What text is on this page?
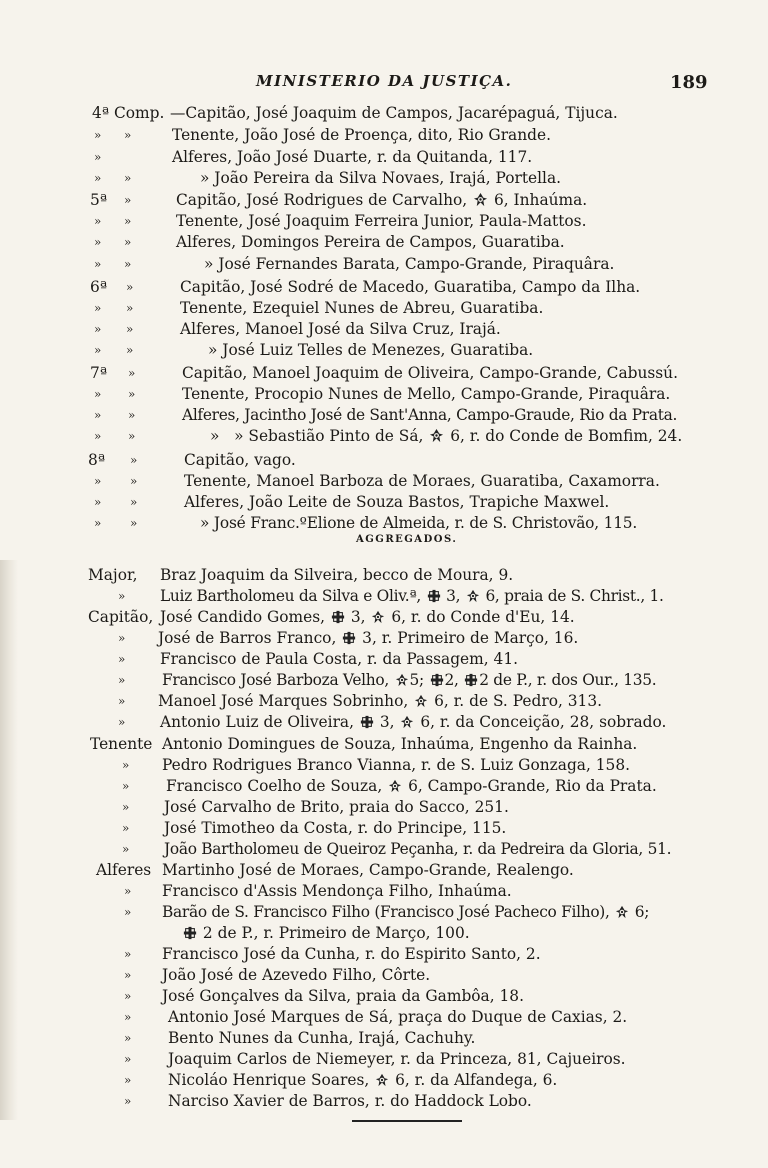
MINISTERIO DA JUSTIÇA.	189
4ª Comp. —Capitão, José Joaquim de Campos, Jacarépaguá, Tijuca.
» »	Tenente, João José de Proença, dito, Rio Grande.
»	Alferes, João José Duarte, r. da Quitanda, 117.
» »	» João Pereira da Silva Novaes, Irajá, Portella.
5ª »	Capitão, José Rodrigues de Carvalho, 6, Inhaúma.
» »	Tenente, José Joaquim Ferreira Junior, Paula-Mattos.
» »	Alferes, Domingos Pereira de Campos, Guaratiba.
» »	» José Fernandes Barata, Campo-Grande, Piraquâra.
6ª »	Capitão, José Sodré de Macedo, Guaratiba, Campo da Ilha.
» »	Tenente, Ezequiel Nunes de Abreu, Guaratiba.
» »	Alferes, Manoel José da Silva Cruz, Irajá.
» »	» José Luiz Telles de Menezes, Guaratiba.
7ª »	Capitão, Manoel Joaquim de Oliveira, Campo-Grande, Cabussú.
» »	Tenente, Procopio Nunes de Mello, Campo-Grande, Piraquâra.
» »	Alferes, Jacintho José de Sant'Anna, Campo-Graude, Rio da Prata.
» »	»   » Sebastião Pinto de Sá, 6, r. do Conde de Bomfim, 24.
8ª »	Capitão, vago.
» »	Tenente, Manoel Barboza de Moraes, Guaratiba, Caxamorra.
» »	Alferes, João Leite de Souza Bastos, Trapiche Maxwel.
» »	» José Franc.ºElione de Almeida, r. de S. Christovão, 115.
AGGREGADOS.
Major, Braz Joaquim da Silveira, becco de Moura, 9.
» Luiz Bartholomeu da Silva e Oliv.ª, 3, 6, praia de S. Christ., 1.
Capitão, José Candido Gomes, 3, 6, r. do Conde d'Eu, 14.
» José de Barros Franco, 3, r. Primeiro de Março, 16.
» Francisco de Paula Costa, r. da Passagem, 41.
» Francisco José Barboza Velho, 5; 2, 2 de P., r. dos Our., 135.
» Manoel José Marques Sobrinho, 6, r. de S. Pedro, 313.
» Antonio Luiz de Oliveira, 3, 6, r. da Conceição, 28, sobrado.
Tenente Antonio Domingues de Souza, Inhaúma, Engenho da Rainha.
» Pedro Rodrigues Branco Vianna, r. de S. Luiz Gonzaga, 158.
» Francisco Coelho de Souza, 6, Campo-Grande, Rio da Prata.
» José Carvalho de Brito, praia do Sacco, 251.
» José Timotheo da Costa, r. do Principe, 115.
» João Bartholomeu de Queiroz Peçanha, r. da Pedreira da Gloria, 51.
Alferes Martinho José de Moraes, Campo-Grande, Realengo.
» Francisco d'Assis Mendonça Filho, Inhaúma.
» Barão de S. Francisco Filho (Francisco José Pacheco Filho), 6;
2 de P., r. Primeiro de Março, 100.
» Francisco José da Cunha, r. do Espirito Santo, 2.
» João José de Azevedo Filho, Côrte.
» José Gonçalves da Silva, praia da Gambôa, 18.
» Antonio José Marques de Sá, praça do Duque de Caxias, 2.
» Bento Nunes da Cunha, Irajá, Cachuhy.
» Joaquim Carlos de Niemeyer, r. da Princeza, 81, Cajueiros.
» Nicoláo Henrique Soares, 6, r. da Alfandega, 6.
» Narciso Xavier de Barros, r. do Haddock Lobo.
